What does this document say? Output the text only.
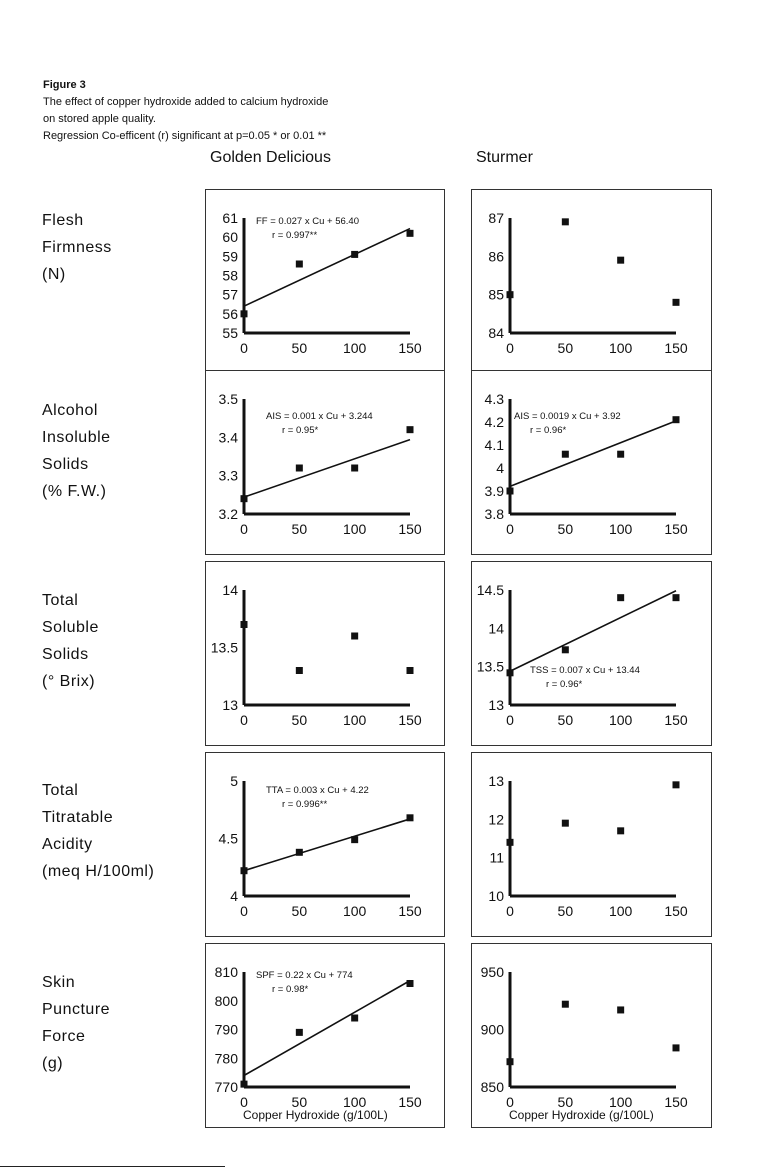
Figure 3
The effect of copper hydroxide added to calcium hydroxide
on stored apple quality.
Regression Co-efficent (r) significant at p=0.05 * or 0.01 **
Golden Delicious	Sturmer
Flesh
Firmness
(N)
Alcohol
Insoluble
Solids
(% F.W.)
Total
Soluble
Solids
(° Brix)
Total
Titratable
Acidity
(meq H/100ml)
Skin
Puncture
Force
(g)
55
56
57
58
59
60
61
0	50	100 150
FF = 0.027 x Cu + 56.40
r = 0.997**
84
85
86
87
0	50	100 150
3.2
3.3
3.4
3.5
0	50	100 150
AIS = 0.001 x Cu + 3.244
r = 0.95*
3.8
3.9
4
4.1
4.2
4.3
0	50	100 150
AIS = 0.0019 x Cu + 3.92
r = 0.96*
13
13.5
14
0	50	100 150
13
13.5
14
14.5
0	50	100 150
TSS = 0.007 x Cu + 13.44
r = 0.96*
4
4.5
5
0	50	100 150
TTA = 0.003 x Cu + 4.22
r = 0.996**
10
11
12
13
0	50	100 150
770
780
790
800
810
0	50	100 150
SPF = 0.22 x Cu + 774
r = 0.98*
850
900
950
0	50	100 150
Copper Hydroxide (g/100L)	Copper Hydroxide (g/100L)
